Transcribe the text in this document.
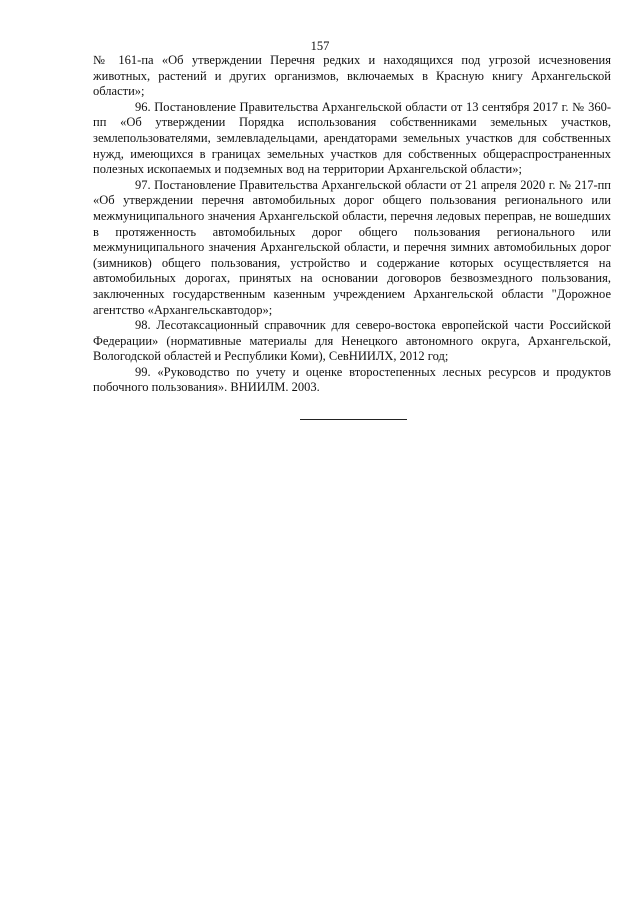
157

№ 161-па «Об утверждении Перечня редких и находящихся под угрозой исчезновения животных, растений и других организмов, включаемых в Красную книгу Архангельской области»;

96. Постановление Правительства Архангельской области от 13 сентября 2017 г. № 360-пп «Об утверждении Порядка использования собственниками земельных участков, землепользователями, землевладельцами, арендаторами земельных участков для собственных нужд, имеющихся в границах земельных участков для собственных общераспространенных полезных ископаемых и подземных вод на территории Архангельской области»;

97. Постановление Правительства Архангельской области от 21 апреля 2020 г. № 217-пп «Об утверждении перечня автомобильных дорог общего пользования регионального или межмуниципального значения Архангельской области, перечня ледовых переправ, не вошедших в протяженность автомобильных дорог общего пользования регионального или межмуниципального значения Архангельской области, и перечня зимних автомобильных дорог (зимников) общего пользования, устройство и содержание которых осуществляется на автомобильных дорогах, принятых на основании договоров безвозмездного пользования, заключенных государственным казенным учреждением Архангельской области "Дорожное агентство «Архангельскавтодор»;

98. Лесотаксационный справочник для северо-востока европейской части Российской Федерации» (нормативные материалы для Ненецкого автономного округа, Архангельской, Вологодской областей и Республики Коми), СевНИИЛХ, 2012 год;

99. «Руководство по учету и оценке второстепенных лесных ресурсов и продуктов побочного пользования». ВНИИЛМ. 2003.
